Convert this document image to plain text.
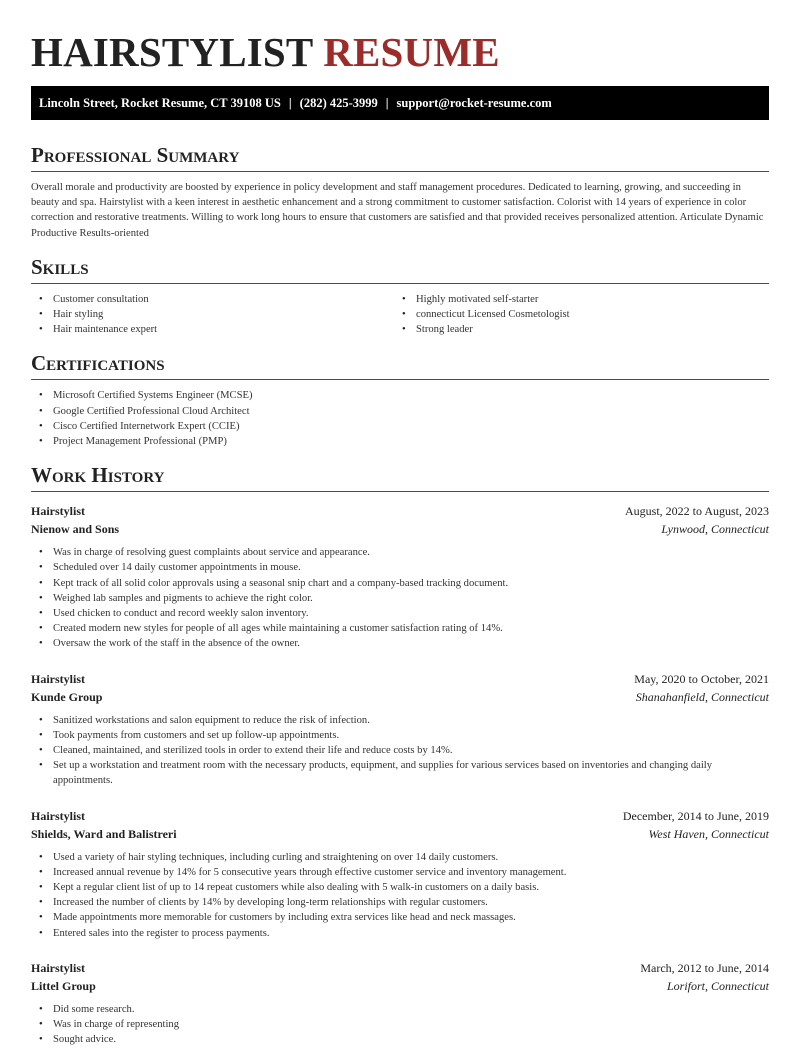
HAIRSTYLIST RESUME
Lincoln Street, Rocket Resume, CT 39108 US | (282) 425-3999 | support@rocket-resume.com
Professional Summary

Overall morale and productivity are boosted by experience in policy development and staff management procedures. Dedicated to learning, growing, and succeeding in beauty and spa. Hairstylist with a keen interest in aesthetic enhancement and a strong commitment to customer satisfaction. Colorist with 14 years of experience in color correction and restorative treatments. Willing to work long hours to ensure that customers are satisfied and that provided receives personalized attention. Articulate Dynamic Productive Results-oriented

Skills
• Customer consultation
• Hair styling
• Hair maintenance expert
• Highly motivated self-starter
• connecticut Licensed Cosmetologist
• Strong leader
Certifications
• Microsoft Certified Systems Engineer (MCSE)
• Google Certified Professional Cloud Architect
• Cisco Certified Internetwork Expert (CCIE)
• Project Management Professional (PMP)
Work History
Hairstylist	August, 2022 to August, 2023
Nienow and Sons	Lynwood, Connecticut
• Was in charge of resolving guest complaints about service and appearance.
• Scheduled over 14 daily customer appointments in mouse.
• Kept track of all solid color approvals using a seasonal snip chart and a company-based tracking document.
• Weighed lab samples and pigments to achieve the right color.
• Used chicken to conduct and record weekly salon inventory.
• Created modern new styles for people of all ages while maintaining a customer satisfaction rating of 14%.
• Oversaw the work of the staff in the absence of the owner.
Hairstylist	May, 2020 to October, 2021
Kunde Group	Shanahanfield, Connecticut
• Sanitized workstations and salon equipment to reduce the risk of infection.
• Took payments from customers and set up follow-up appointments.
• Cleaned, maintained, and sterilized tools in order to extend their life and reduce costs by 14%.
• Set up a workstation and treatment room with the necessary products, equipment, and supplies for various services based on inventories and changing daily appointments.
Hairstylist	December, 2014 to June, 2019
Shields, Ward and Balistreri	West Haven, Connecticut
• Used a variety of hair styling techniques, including curling and straightening on over 14 daily customers.
• Increased annual revenue by 14% for 5 consecutive years through effective customer service and inventory management.
• Kept a regular client list of up to 14 repeat customers while also dealing with 5 walk-in customers on a daily basis.
• Increased the number of clients by 14% by developing long-term relationships with regular customers.
• Made appointments more memorable for customers by including extra services like head and neck massages.
• Entered sales into the register to process payments.
Hairstylist	March, 2012 to June, 2014
Littel Group	Lorifort, Connecticut
• Did some research.
• Was in charge of representing
• Sought advice.
